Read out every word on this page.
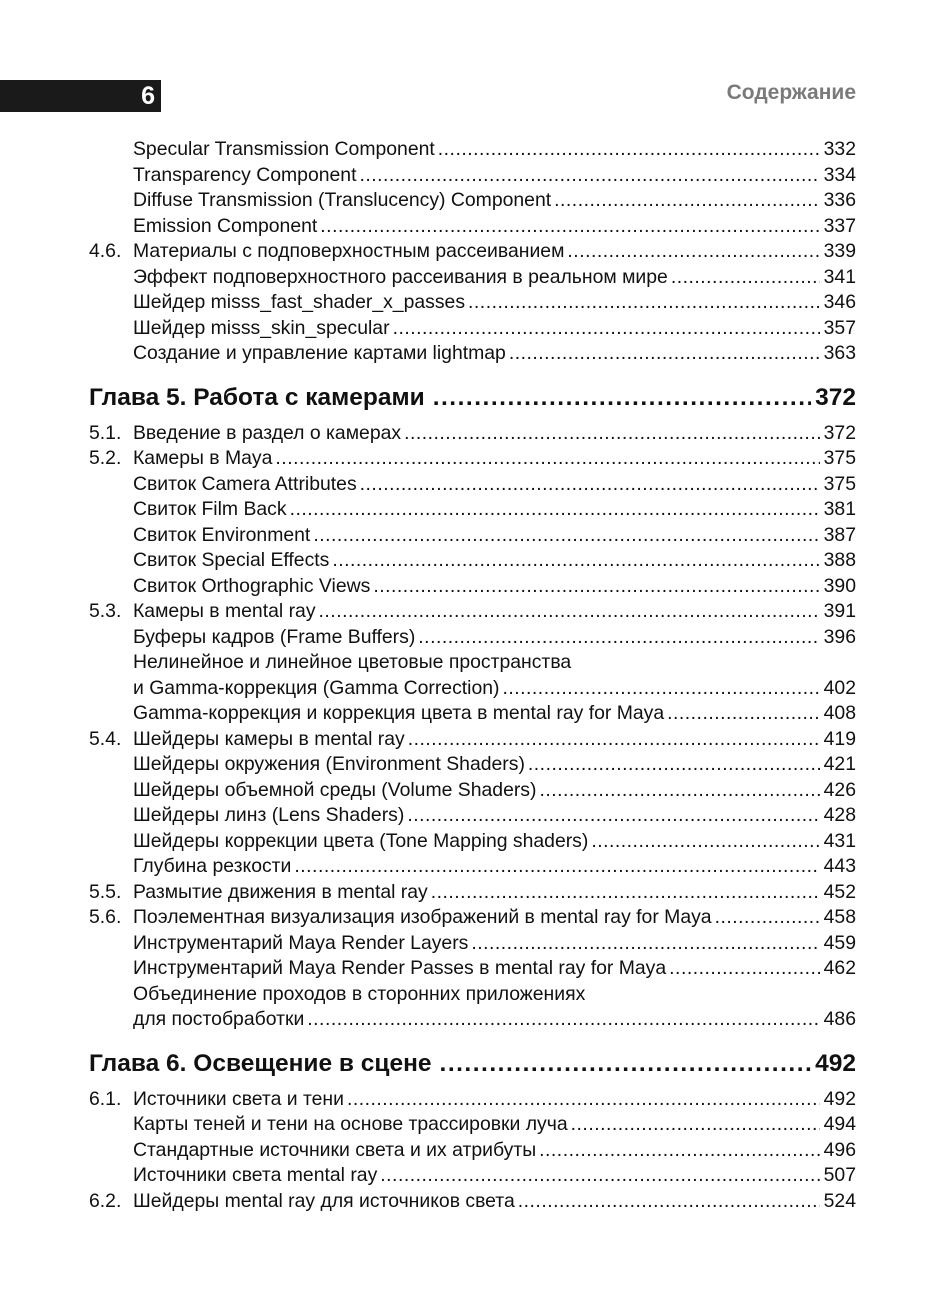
6	Содержание
Specular Transmission Component .....	332
Transparency Component .....	334
Diffuse Transmission (Translucency) Component .....	336
Emission Component .....	337
4.6. Материалы с подповерхностным рассеиванием .....	339
Эффект подповерхностного рассеивания в реальном мире .....	341
Шейдер misss_fast_shader_x_passes .....	346
Шейдер misss_skin_specular .....	357
Создание и управление картами lightmap .....	363
Глава 5. Работа с камерами .....	372
5.1. Введение в раздел о камерах .....	372
5.2. Камеры в Maya .....	375
Свиток Camera Attributes .....	375
Свиток Film Back .....	381
Свиток Environment .....	387
Свиток Special Effects .....	388
Свиток Orthographic Views .....	390
5.3. Камеры в mental ray .....	391
Буферы кадров (Frame Buffers) .....	396
Нелинейное и линейное цветовые пространства
и Gamma-коррекция (Gamma Correction) .....	402
Gamma-коррекция и коррекция цвета в mental ray for Maya .....	408
5.4. Шейдеры камеры в mental ray .....	419
Шейдеры окружения (Environment Shaders) .....	421
Шейдеры объемной среды (Volume Shaders) .....	426
Шейдеры линз (Lens Shaders) .....	428
Шейдеры коррекции цвета (Tone Mapping shaders) .....	431
Глубина резкости .....	443
5.5. Размытие движения в mental ray .....	452
5.6. Поэлементная визуализация изображений в mental ray for Maya .....	458
Инструментарий Maya Render Layers .....	459
Инструментарий Maya Render Passes в mental ray for Maya .....	462
Объединение проходов в сторонних приложениях
для постобработки .....	486
Глава 6. Освещение в сцене .....	492
6.1. Источники света и тени .....	492
Карты теней и тени на основе трассировки луча .....	494
Стандартные источники света и их атрибуты .....	496
Источники света mental ray .....	507
6.2. Шейдеры mental ray для источников света .....	524
